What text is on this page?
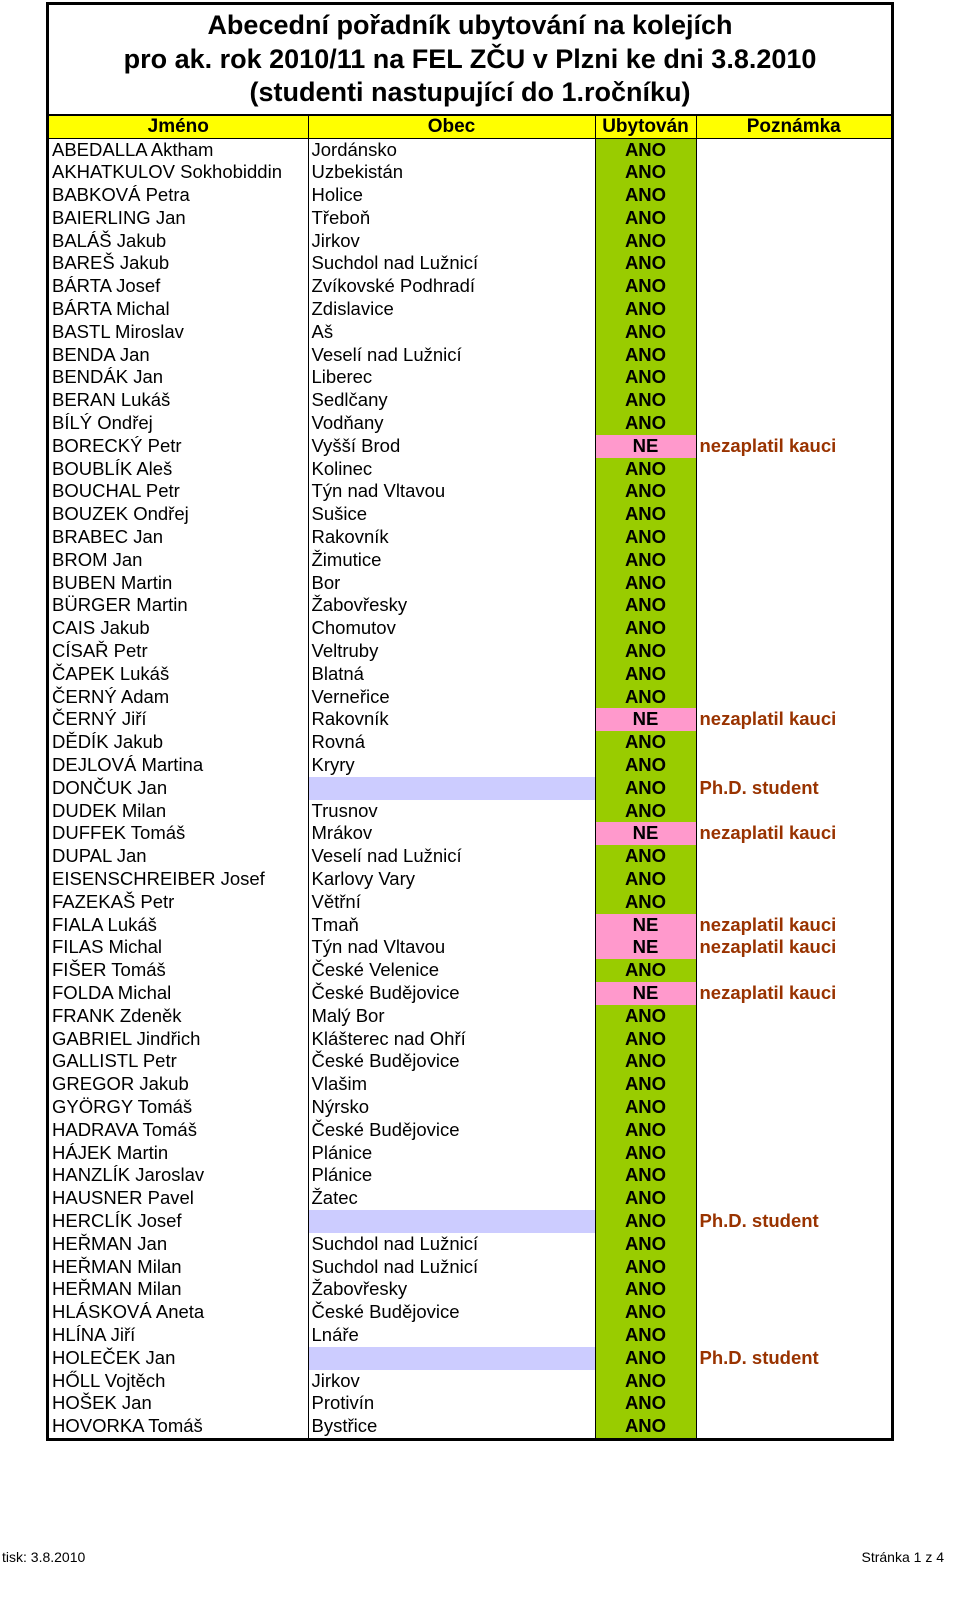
Abecední pořadník ubytování na kolejích
pro ak. rok 2010/11 na FEL ZČU v Plzni ke dni 3.8.2010
(studenti nastupující do 1.ročníku)
Jméno	Obec	Ubytován	Poznámka
ABEDALLA Aktham	Jordánsko	ANO	
AKHATKULOV Sokhobiddin	Uzbekistán	ANO	
BABKOVÁ Petra	Holice	ANO	
BAIERLING Jan	Třeboň	ANO	
BALÁŠ Jakub	Jirkov	ANO	
BAREŠ Jakub	Suchdol nad Lužnicí	ANO	
BÁRTA Josef	Zvíkovské Podhradí	ANO	
BÁRTA Michal	Zdislavice	ANO	
BASTL Miroslav	Aš	ANO	
BENDA Jan	Veselí nad Lužnicí	ANO	
BENDÁK Jan	Liberec	ANO	
BERAN Lukáš	Sedlčany	ANO	
BÍLÝ Ondřej	Vodňany	ANO	
BORECKÝ Petr	Vyšší Brod	NE	nezaplatil kauci
BOUBLÍK Aleš	Kolinec	ANO	
BOUCHAL Petr	Týn nad Vltavou	ANO	
BOUZEK Ondřej	Sušice	ANO	
BRABEC Jan	Rakovník	ANO	
BROM Jan	Žimutice	ANO	
BUBEN Martin	Bor	ANO	
BÜRGER Martin	Žabovřesky	ANO	
CAIS Jakub	Chomutov	ANO	
CÍSAŘ Petr	Veltruby	ANO	
ČAPEK Lukáš	Blatná	ANO	
ČERNÝ Adam	Verneřice	ANO	
ČERNÝ Jiří	Rakovník	NE	nezaplatil kauci
DĚDÍK Jakub	Rovná	ANO	
DEJLOVÁ Martina	Kryry	ANO	
DONČUK Jan		ANO	Ph.D. student
DUDEK Milan	Trusnov	ANO	
DUFFEK Tomáš	Mrákov	NE	nezaplatil kauci
DUPAL Jan	Veselí nad Lužnicí	ANO	
EISENSCHREIBER Josef	Karlovy Vary	ANO	
FAZEKAŠ Petr	Větřní	ANO	
FIALA Lukáš	Tmaň	NE	nezaplatil kauci
FILAS Michal	Týn nad Vltavou	NE	nezaplatil kauci
FIŠER Tomáš	České Velenice	ANO	
FOLDA Michal	České Budějovice	NE	nezaplatil kauci
FRANK Zdeněk	Malý Bor	ANO	
GABRIEL Jindřich	Klášterec nad Ohří	ANO	
GALLISTL Petr	České Budějovice	ANO	
GREGOR Jakub	Vlašim	ANO	
GYÖRGY Tomáš	Nýrsko	ANO	
HADRAVA Tomáš	České Budějovice	ANO	
HÁJEK Martin	Plánice	ANO	
HANZLÍK Jaroslav	Plánice	ANO	
HAUSNER Pavel	Žatec	ANO	
HERCLÍK Josef		ANO	Ph.D. student
HEŘMAN Jan	Suchdol nad Lužnicí	ANO	
HEŘMAN Milan	Suchdol nad Lužnicí	ANO	
HEŘMAN Milan	Žabovřesky	ANO	
HLÁSKOVÁ Aneta	České Budějovice	ANO	
HLÍNA Jiří	Lnáře	ANO	
HOLEČEK Jan		ANO	Ph.D. student
HŐLL Vojtěch	Jirkov	ANO	
HOŠEK Jan	Protivín	ANO	
HOVORKA Tomáš	Bystřice	ANO	
tisk: 3.8.2010	Stránka 1 z 4
